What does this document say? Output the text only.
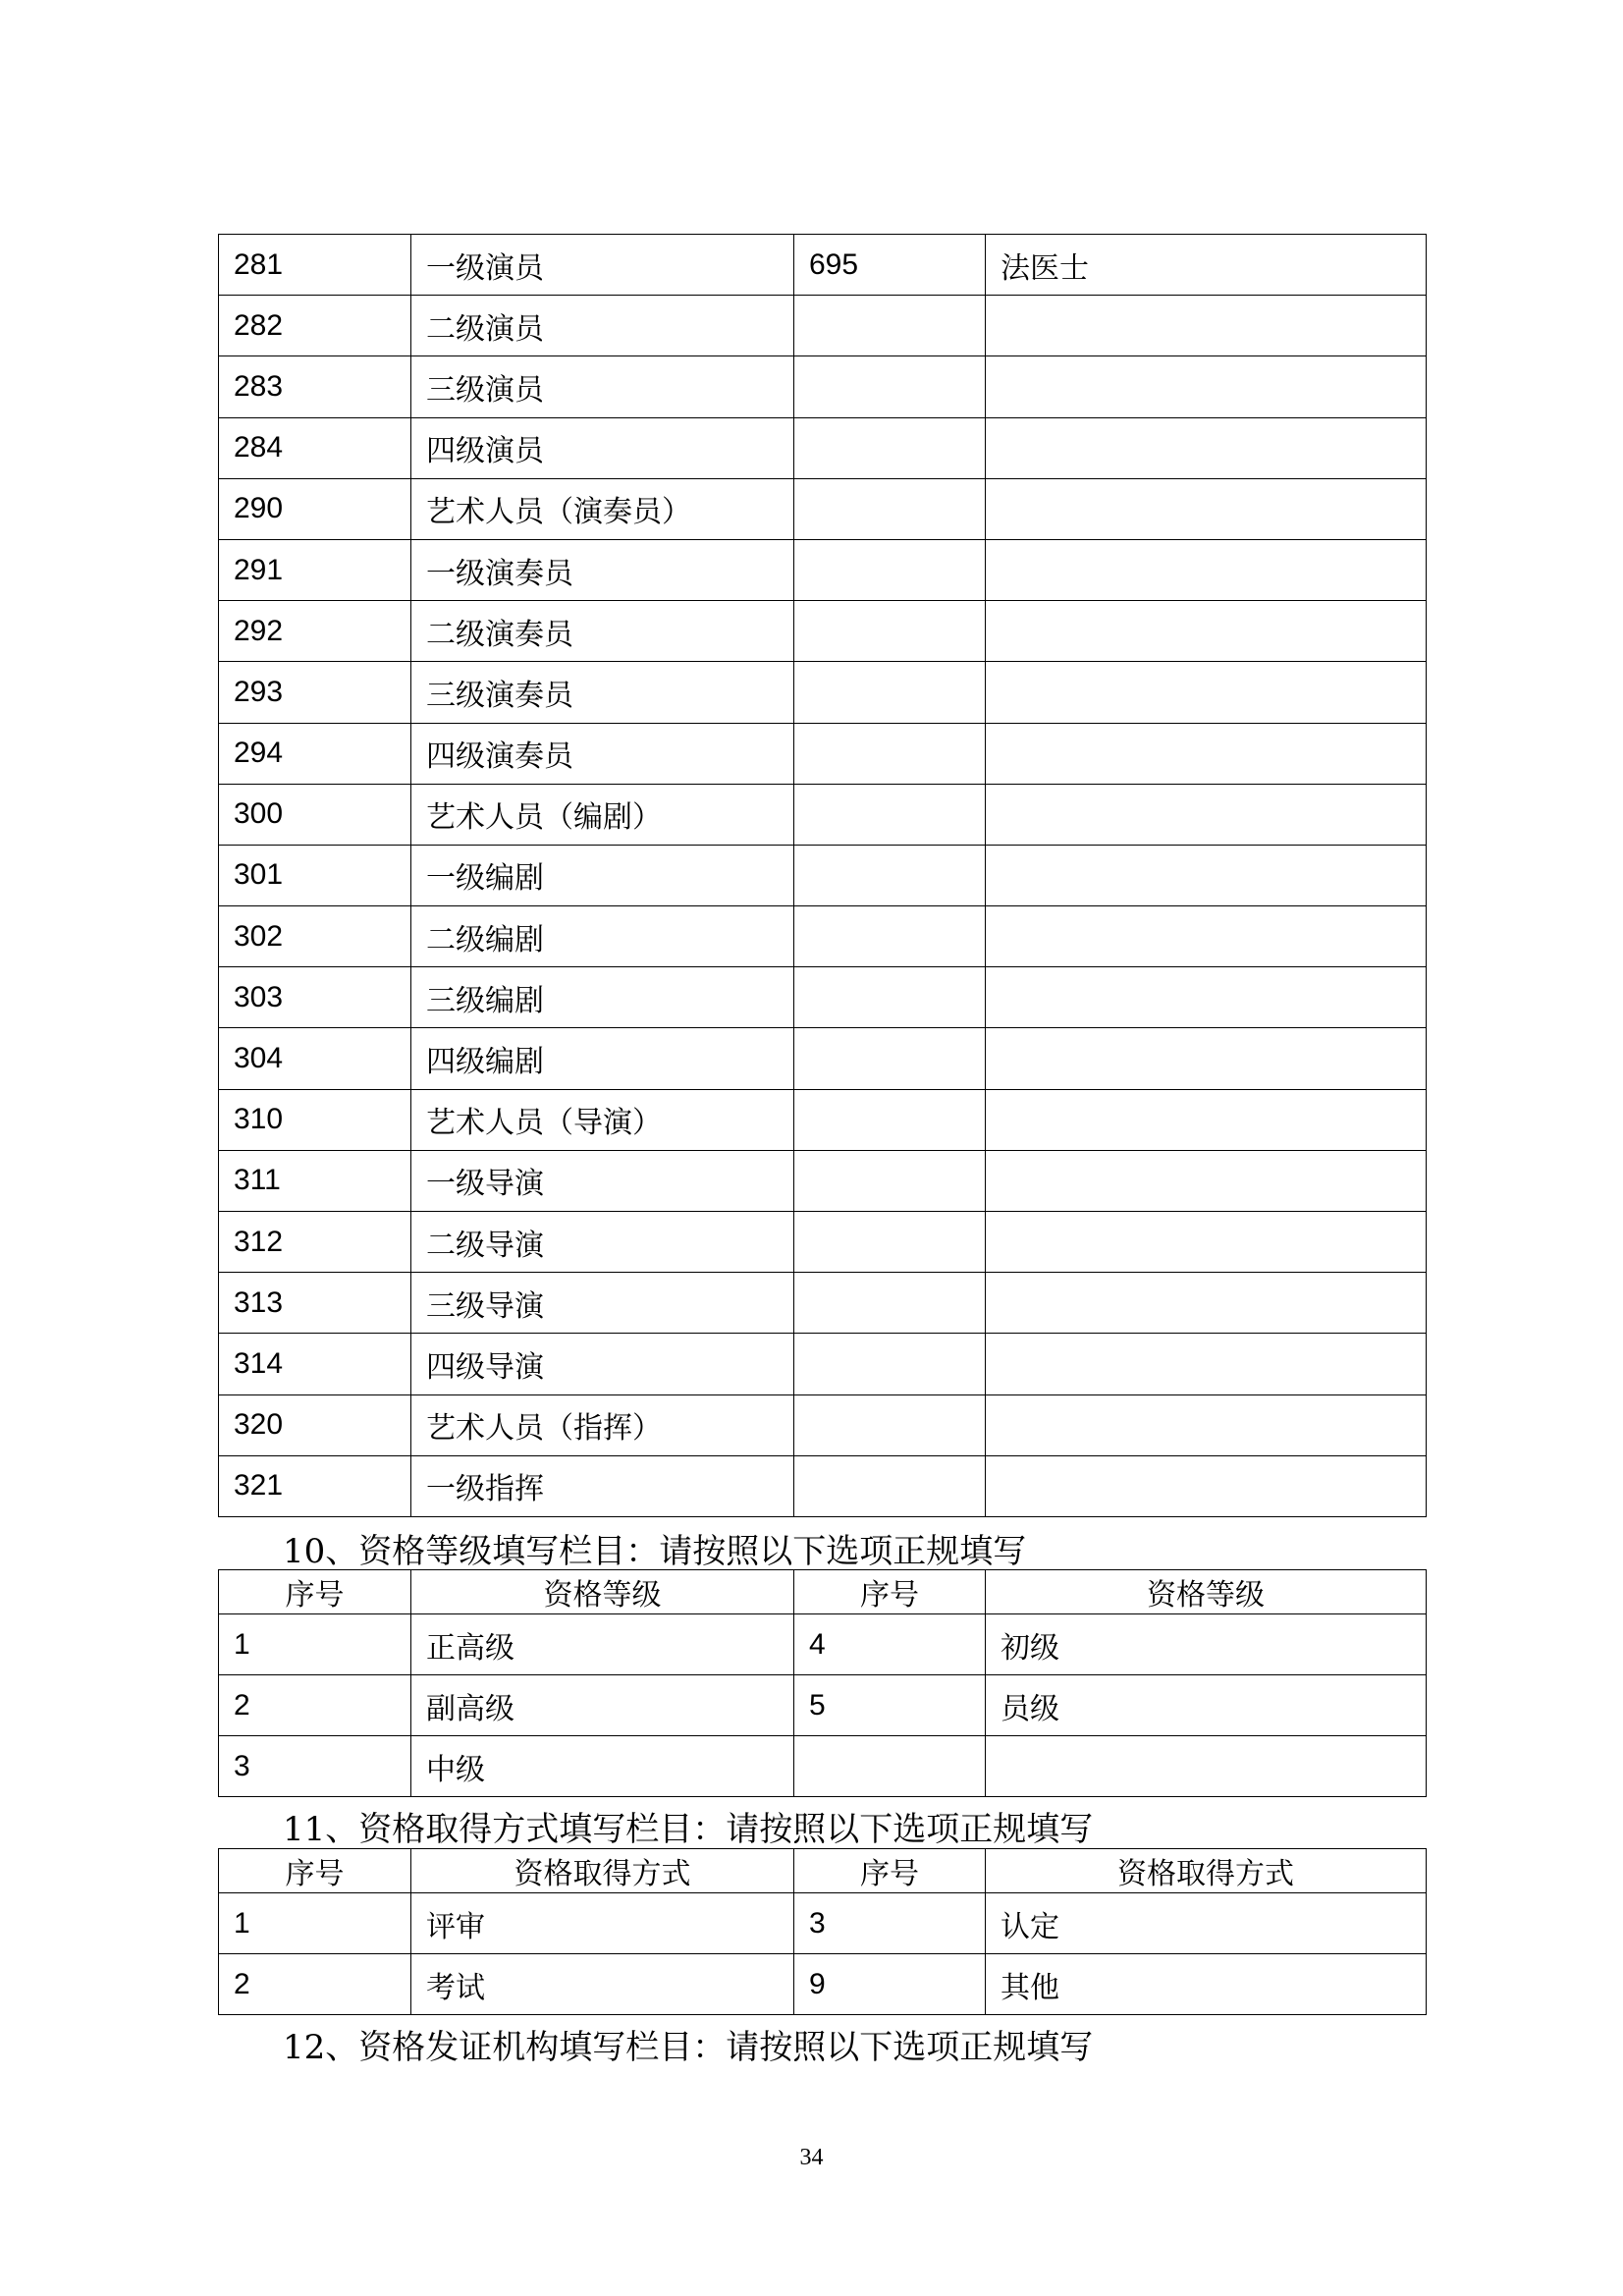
281	一级演员	695	法医士
282	二级演员		
283	三级演员		
284	四级演员		
290	艺术人员（演奏员）		
291	一级演奏员		
292	二级演奏员		
293	三级演奏员		
294	四级演奏员		
300	艺术人员（编剧）		
301	一级编剧		
302	二级编剧		
303	三级编剧		
304	四级编剧		
310	艺术人员（导演）		
311	一级导演		
312	二级导演		
313	三级导演		
314	四级导演		
320	艺术人员（指挥）		
321	一级指挥		
10、资格等级填写栏目：请按照以下选项正规填写
序号	资格等级	序号	资格等级
1	正高级	4	初级
2	副高级	5	员级
3	中级		
11、资格取得方式填写栏目：请按照以下选项正规填写
序号	资格取得方式	序号	资格取得方式
1	评审	3	认定
2	考试	9	其他
12、资格发证机构填写栏目：请按照以下选项正规填写
34
